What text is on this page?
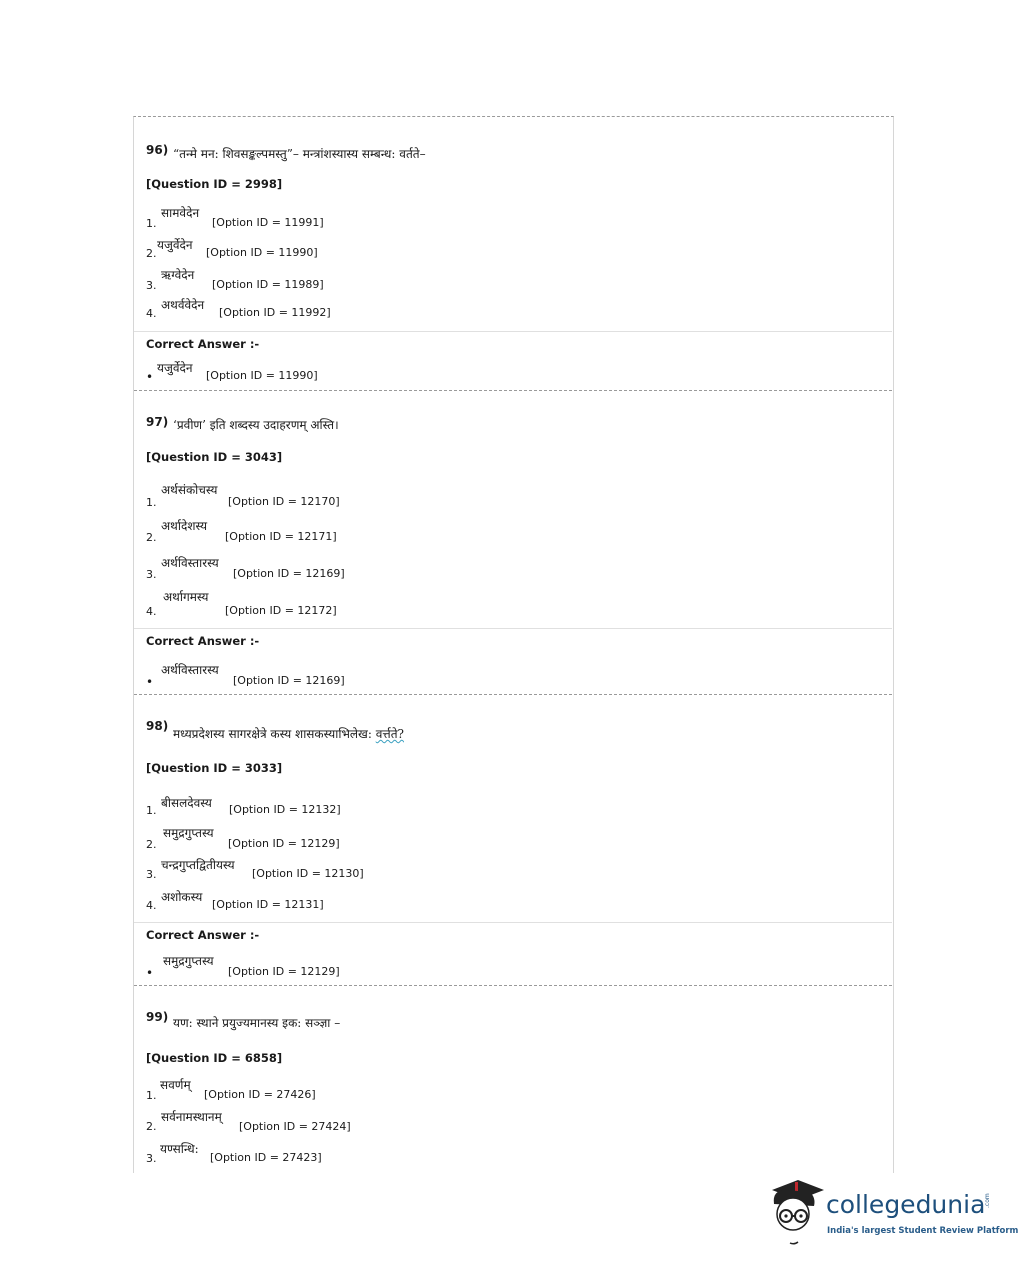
96) “तन्मे मन: शिवसङ्कल्पमस्तु”– मन्त्रांशस्यास्य सम्बन्ध: वर्तते–
[Question ID = 2998]
1.
सामवेदेन
[Option ID = 11991]
2.
यजुर्वेदेन
[Option ID = 11990]
3.
ऋग्वेदेन
[Option ID = 11989]
4.
अथर्ववेदेन
[Option ID = 11992]
Correct Answer :-
•
यजुर्वेदेन
[Option ID = 11990]
97) ‘प्रवीण’ इति शब्दस्य उदाहरणम् अस्ति।
[Question ID = 3043]
1.
अर्थसंकोचस्य
[Option ID = 12170]
2.
अर्थादेशस्य
[Option ID = 12171]
3.
अर्थविस्तारस्य
[Option ID = 12169]
4.
अर्थागमस्य
[Option ID = 12172]
Correct Answer :-
•
अर्थविस्तारस्य
[Option ID = 12169]
98)
मध्यप्रदेशस्य सागरक्षेत्रे कस्य शासकस्याभिलेख: वर्त्तते?
[Question ID = 3033]
1.
बीसलदेवस्य [Option ID = 12132]
2.
समुद्रगुप्तस्य
[Option ID = 12129]
3.
चन्द्रगुप्तद्वितीयस्य
[Option ID = 12130]
4.
अशोकस्य
[Option ID = 12131]
Correct Answer :-
•
समुद्रगुप्तस्य
[Option ID = 12129]
99) यण: स्थाने प्रयुज्यमानस्य इक: सञ्ज्ञा –
[Question ID = 6858]
1.
सवर्णम्
[Option ID = 27426]
2.
सर्वनामस्थानम्
[Option ID = 27424]
3.
यण्सन्धि:
[Option ID = 27423]
collegedunia
.com
India's largest Student Review Platform
